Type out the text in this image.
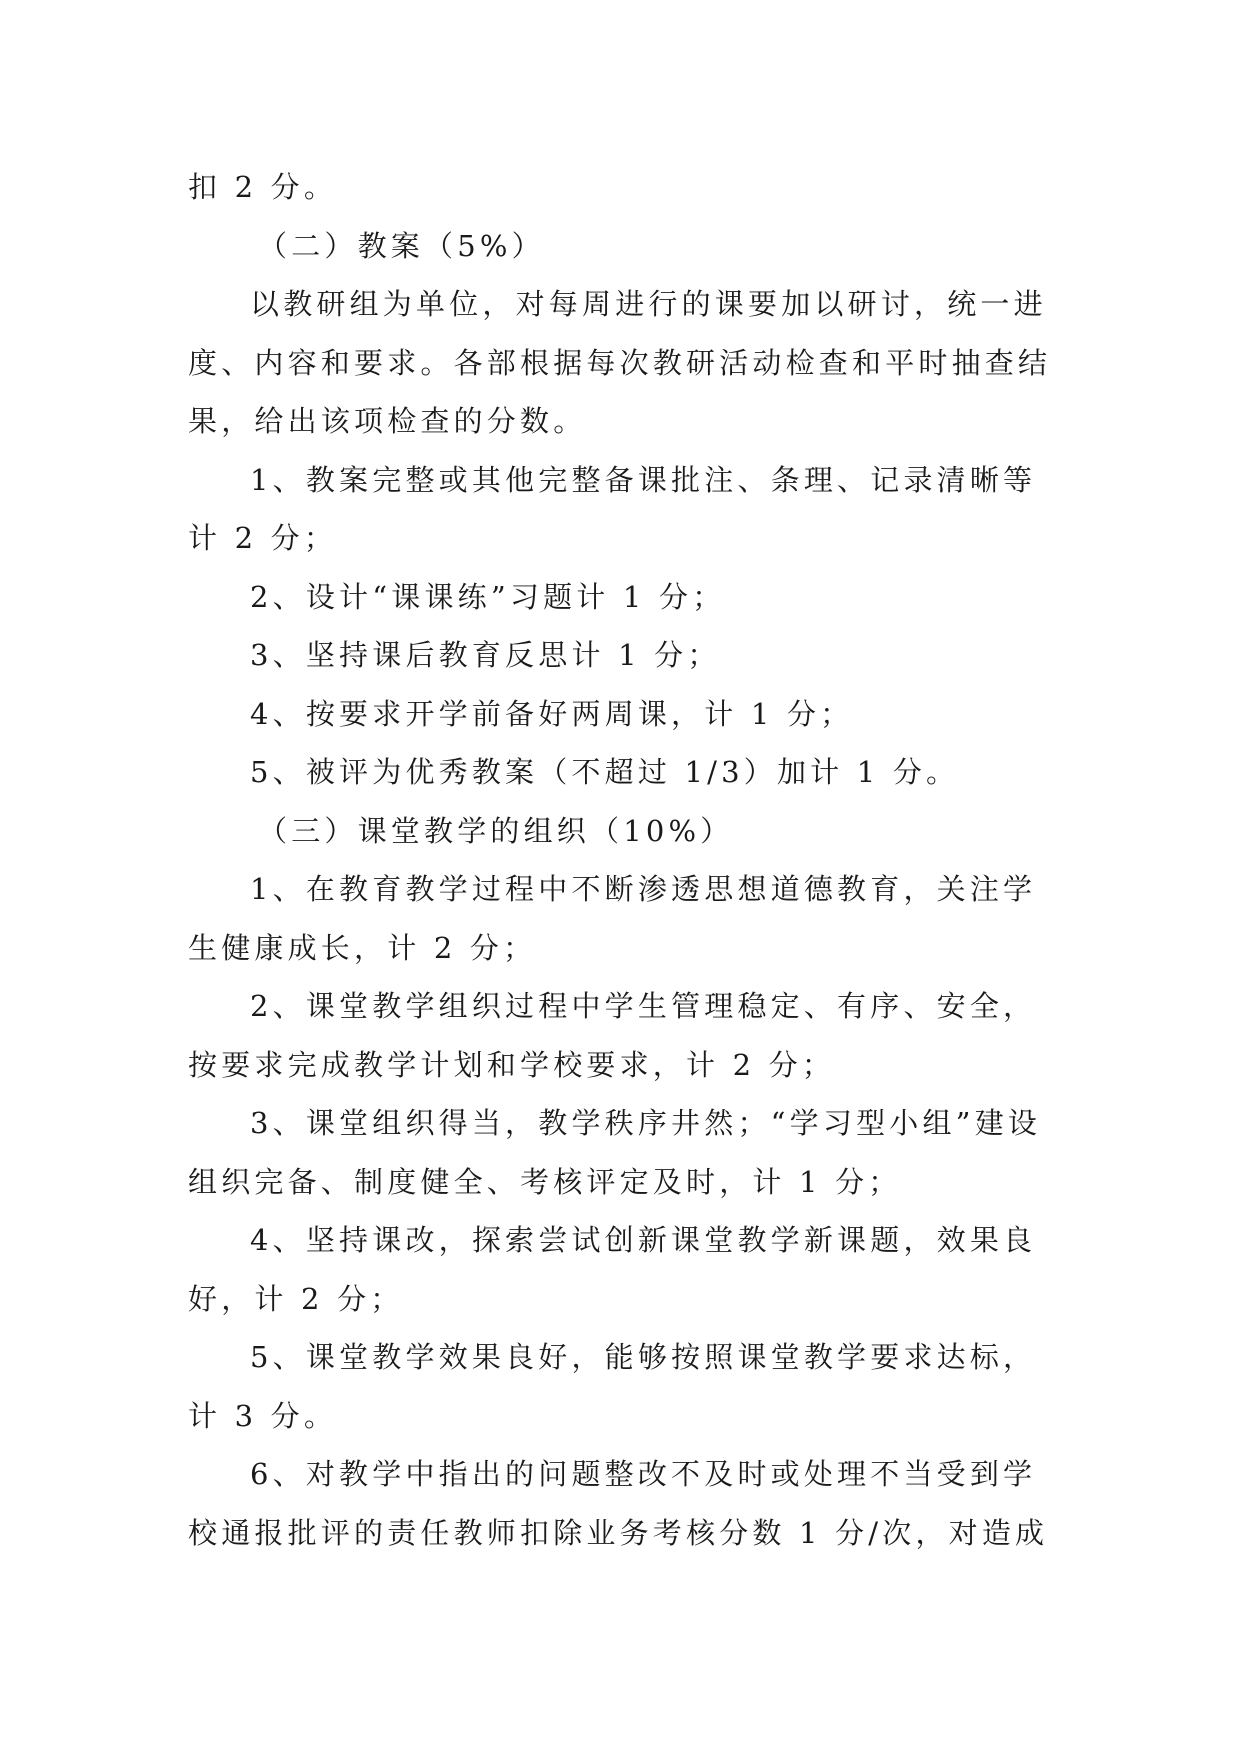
扣 2 分。
（二）教案（5%）
以教研组为单位，对每周进行的课要加以研讨，统一进
度、内容和要求。各部根据每次教研活动检查和平时抽查结
果，给出该项检查的分数。
1、教案完整或其他完整备课批注、条理、记录清晰等
计 2 分；
2、设计“课课练”习题计 1 分；
3、坚持课后教育反思计 1 分；
4、按要求开学前备好两周课，计 1 分；
5、被评为优秀教案（不超过 1/3）加计 1 分。
（三）课堂教学的组织（10%）
1、在教育教学过程中不断渗透思想道德教育，关注学
生健康成长，计 2 分；
2、课堂教学组织过程中学生管理稳定、有序、安全，
按要求完成教学计划和学校要求，计 2 分；
3、课堂组织得当，教学秩序井然；“学习型小组”建设
组织完备、制度健全、考核评定及时，计 1 分；
4、坚持课改，探索尝试创新课堂教学新课题，效果良
好，计 2 分；
5、课堂教学效果良好，能够按照课堂教学要求达标，
计 3 分。
6、对教学中指出的问题整改不及时或处理不当受到学
校通报批评的责任教师扣除业务考核分数 1 分/次，对造成
